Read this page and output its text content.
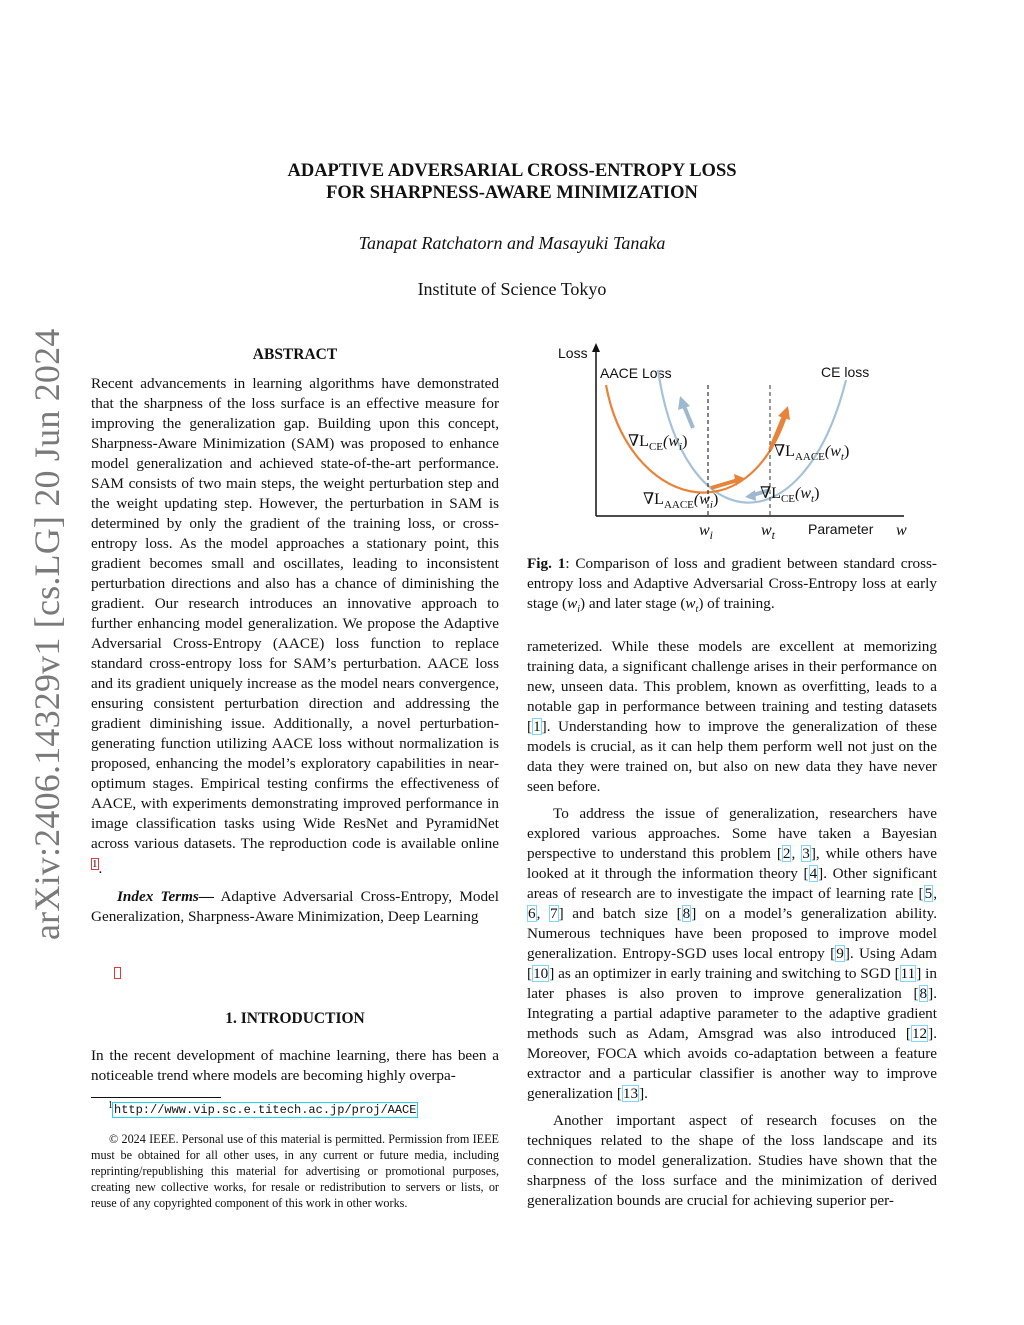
arXiv:2406.14329v1 [cs.LG] 20 Jun 2024
ADAPTIVE ADVERSARIAL CROSS-ENTROPY LOSS
FOR SHARPNESS-AWARE MINIMIZATION
Tanapat Ratchatorn and Masayuki Tanaka
Institute of Science Tokyo

ABSTRACT

Recent advancements in learning algorithms have demonstrated that the sharpness of the loss surface is an effective measure for improving the generalization gap. Building upon this concept, Sharpness-Aware Minimization (SAM) was proposed to enhance model generalization and achieved state-of-the-art performance. SAM consists of two main steps, the weight perturbation step and the weight updating step. However, the perturbation in SAM is determined by only the gradient of the training loss, or cross-entropy loss. As the model approaches a stationary point, this gradient becomes small and oscillates, leading to inconsistent perturbation directions and also has a chance of diminishing the gradient. Our research introduces an innovative approach to further enhancing model generalization. We propose the Adaptive Adversarial Cross-Entropy (AACE) loss function to replace standard cross-entropy loss for SAM’s perturbation. AACE loss and its gradient uniquely increase as the model nears convergence, ensuring consistent perturbation direction and addressing the gradient diminishing issue. Additionally, a novel perturbation-generating function utilizing AACE loss without normalization is proposed, enhancing the model’s exploratory capabilities in near-optimum stages. Empirical testing confirms the effectiveness of AACE, with experiments demonstrating improved performance in image classification tasks using Wide ResNet and PyramidNet across various datasets. The reproduction code is available online $^1$.

Index Terms— Adaptive Adversarial Cross-Entropy, Model Generalization, Sharpness-Aware Minimization, Deep Learning

1. INTRODUCTION

In the recent development of machine learning, there has been a noticeable trend where models are becoming highly overpa-

$^1$http://www.vip.sc.e.titech.ac.jp/proj/AACE

© 2024 IEEE. Personal use of this material is permitted. Permission from IEEE must be obtained for all other uses, in any current or future media, including reprinting/republishing this material for advertising or promotional purposes, creating new collective works, for resale or redistribution to servers or lists, or reuse of any copyrighted component of this work in other works.

Loss
AACE Loss	CE loss
$\nabla L_{CE}(w_i)$
$\nabla L_{AACE}(w_t)$
$\nabla L_{AACE}(w_i)$	$\nabla L_{CE}(w_t)$
$w_i$	$w_t$ Parameter w
Fig. 1: Comparison of loss and gradient between standard cross-entropy loss and Adaptive Adversarial Cross-Entropy loss at early stage $(w_i)$ and later stage $(w_t)$ of training.

rameterized. While these models are excellent at memorizing training data, a significant challenge arises in their performance on new, unseen data. This problem, known as overfitting, leads to a notable gap in performance between training and testing datasets [1]. Understanding how to improve the generalization of these models is crucial, as it can help them perform well not just on the data they were trained on, but also on new data they have never seen before.

To address the issue of generalization, researchers have explored various approaches. Some have taken a Bayesian perspective to understand this problem [2, 3], while others have looked at it through the information theory [4]. Other significant areas of research are to investigate the impact of learning rate [5, 6, 7] and batch size [8] on a model’s generalization ability. Numerous techniques have been proposed to improve model generalization. Entropy-SGD uses local entropy [9]. Using Adam [10] as an optimizer in early training and switching to SGD [11] in later phases is also proven to improve generalization [8]. Integrating a partial adaptive parameter to the adaptive gradient methods such as Adam, Amsgrad was also introduced [12]. Moreover, FOCA which avoids co-adaptation between a feature extractor and a particular classifier is another way to improve generalization [13].

Another important aspect of research focuses on the techniques related to the shape of the loss landscape and its connection to model generalization. Studies have shown that the sharpness of the loss surface and the minimization of derived generalization bounds are crucial for achieving superior per-
